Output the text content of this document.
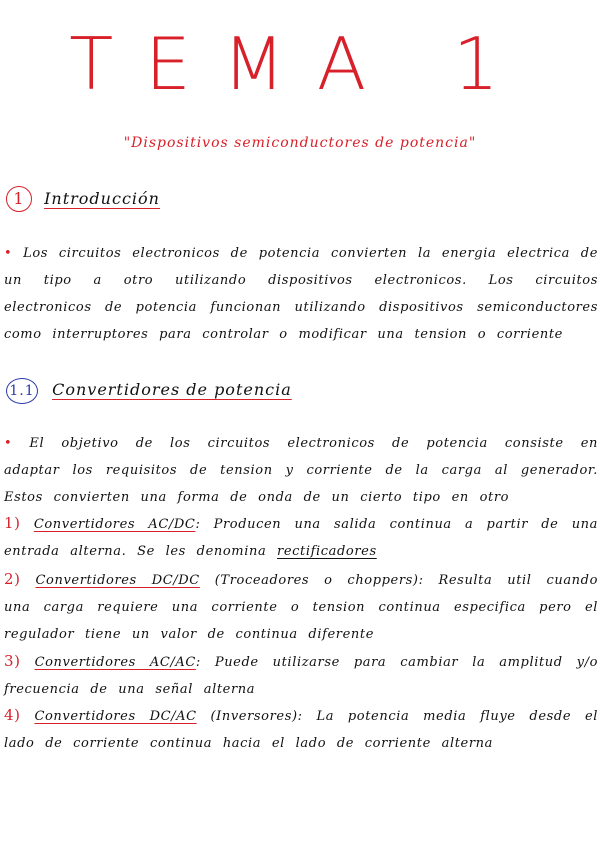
TEMA 1
"Dispositivos semiconductores de potencia"
1 Introducción
• Los circuitos electronicos de potencia convierten la energia electrica de un tipo a otro utilizando dispositivos electronicos. Los circuitos electronicos de potencia funcionan utilizando dispositivos semiconductores como interruptores para controlar o modificar una tension o corriente
1.1 Convertidores de potencia
• El objetivo de los circuitos electronicos de potencia consiste en adaptar los requisitos de tension y corriente de la carga al generador. Estos convierten una forma de onda de un cierto tipo en otro
1) Convertidores AC/DC: Producen una salida continua a partir de una entrada alterna. Se les denomina rectificadores
2) Convertidores DC/DC (Troceadores o choppers): Resulta util cuando una carga requiere una corriente o tension continua especifica pero el regulador tiene un valor de continua diferente
3) Convertidores AC/AC: Puede utilizarse para cambiar la amplitud y/o frecuencia de una señal alterna
4) Convertidores DC/AC (Inversores): La potencia media fluye desde el lado de corriente continua hacia el lado de corriente alterna
